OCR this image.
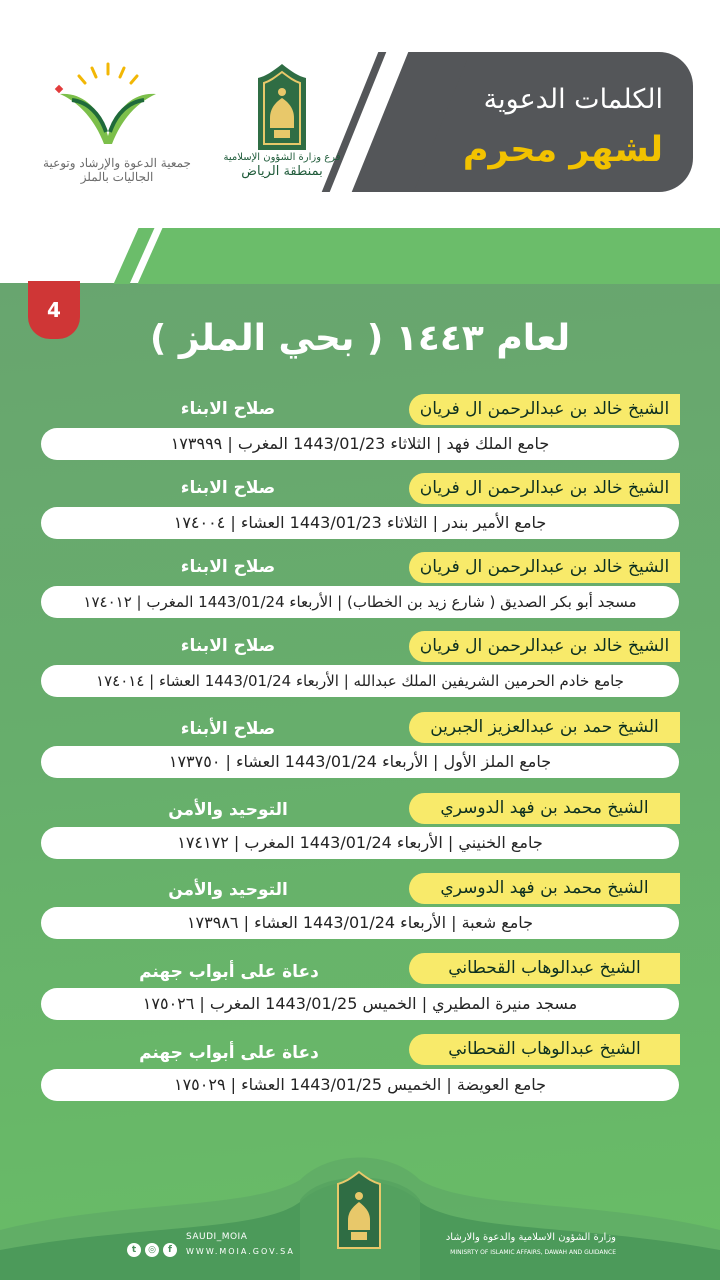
الكلمات الدعوية
لشهر محرم
فرع وزارة الشؤون الإسلامية
بمنطقة الرياض
جمعية الدعوة والإرشاد وتوعية الجاليات بالملز
4
لعام ١٤٤٣ ( بحي الملز )
الشيخ خالد بن عبدالرحمن ال فريان
صلاح الابناء
جامع الملك فهد | الثلاثاء 1443/01/23 المغرب | ١٧٣٩٩٩
الشيخ خالد بن عبدالرحمن ال فريان
صلاح الابناء
جامع الأمير بندر | الثلاثاء 1443/01/23 العشاء | ١٧٤٠٠٤
الشيخ خالد بن عبدالرحمن ال فريان
صلاح الابناء
مسجد أبو بكر الصديق ( شارع زيد بن الخطاب) | الأربعاء 1443/01/24 المغرب | ١٧٤٠١٢
الشيخ خالد بن عبدالرحمن ال فريان
صلاح الابناء
جامع خادم الحرمين الشريفين الملك عبدالله | الأربعاء 1443/01/24 العشاء | ١٧٤٠١٤
الشيخ حمد بن عبدالعزيز الجبرين
صلاح الأبناء
جامع الملز الأول | الأربعاء 1443/01/24 العشاء | ١٧٣٧٥٠
الشيخ محمد بن فهد الدوسري
التوحيد والأمن
جامع الخنيني | الأربعاء 1443/01/24 المغرب | ١٧٤١٧٢
الشيخ محمد بن فهد الدوسري
التوحيد والأمن
جامع شعبة | الأربعاء 1443/01/24 العشاء | ١٧٣٩٨٦
الشيخ عبدالوهاب القحطاني
دعاة على أبواب جهنم
مسجد منيرة المطيري | الخميس 1443/01/25 المغرب | ١٧٥٠٢٦
الشيخ عبدالوهاب القحطاني
دعاة على أبواب جهنم
جامع العويضة | الخميس 1443/01/25 العشاء | ١٧٥٠٢٩
t	◎	f
SAUDI_MOIA
WWW.MOIA.GOV.SA
وزارة الشؤون الاسلامية والدعوة والارشاد
MINISRTY OF ISLAMIC AFFAIRS, DAWAH AND GUIDANCE
